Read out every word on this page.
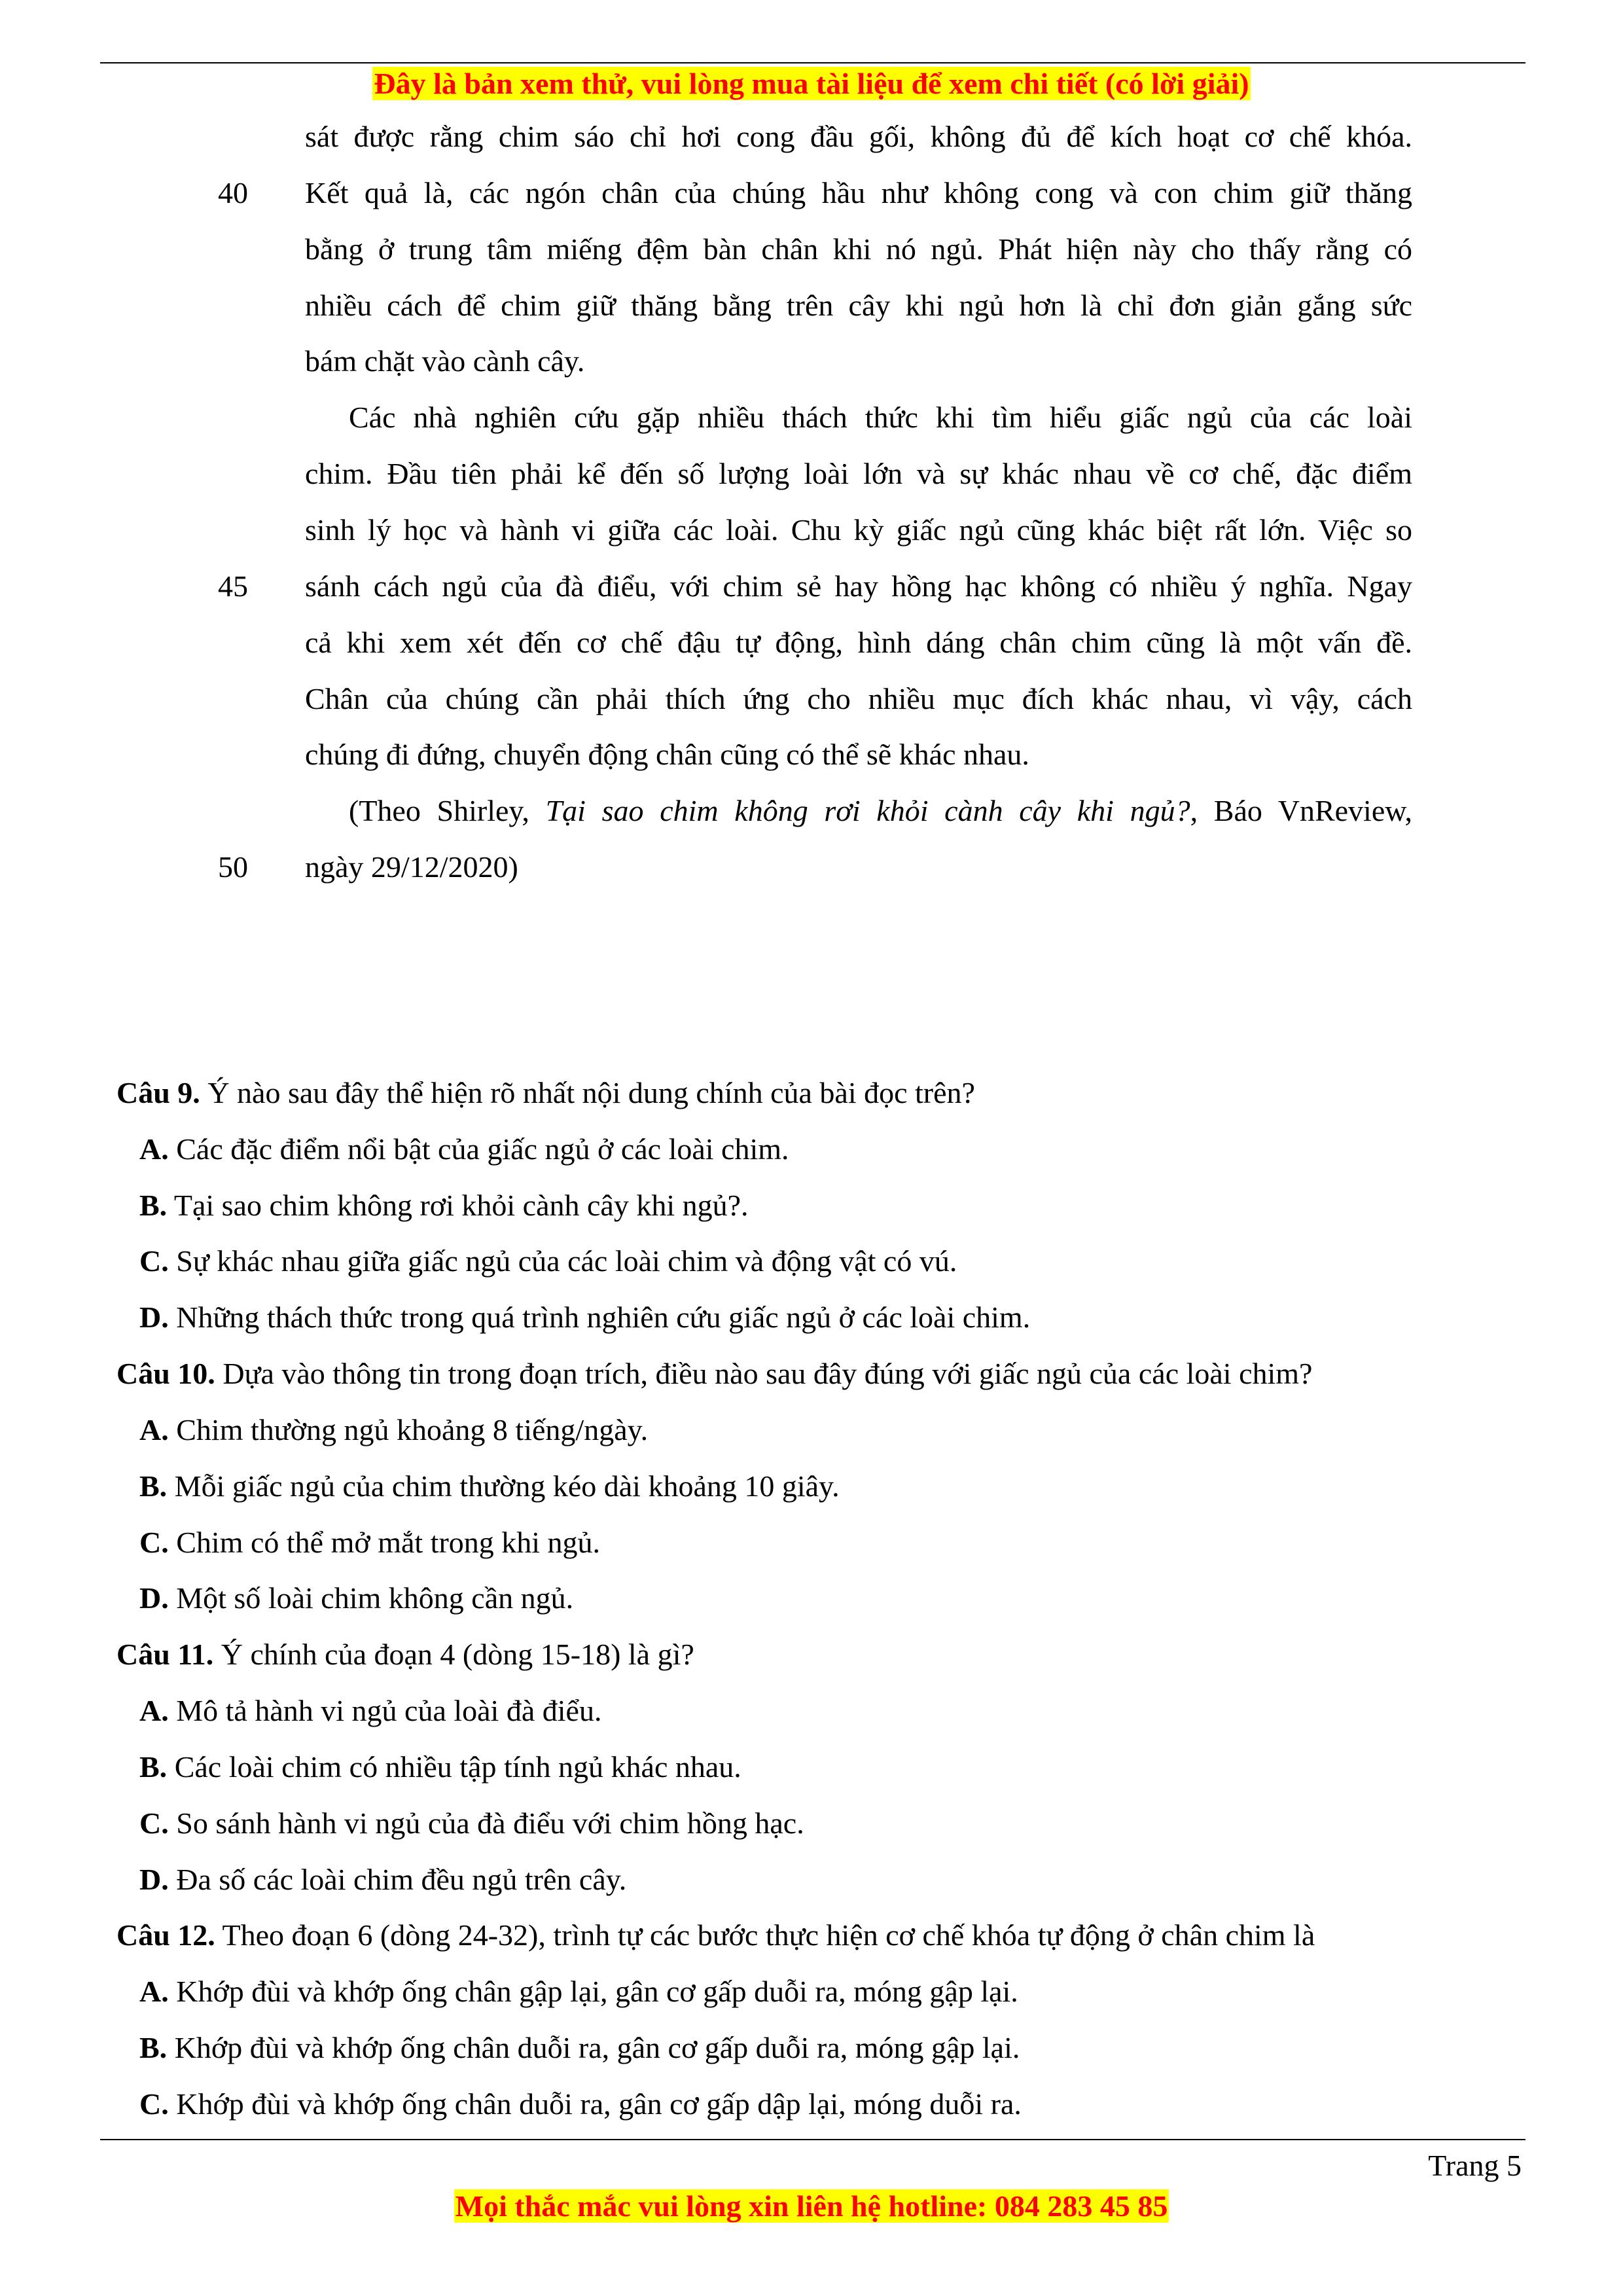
Đây là bản xem thử, vui lòng mua tài liệu để xem chi tiết (có lời giải)
sát được rằng chim sáo chỉ hơi cong đầu gối, không đủ để kích hoạt cơ chế khóa.
40	Kết quả là, các ngón chân của chúng hầu như không cong và con chim giữ thăng
bằng ở trung tâm miếng đệm bàn chân khi nó ngủ. Phát hiện này cho thấy rằng có
nhiều cách để chim giữ thăng bằng trên cây khi ngủ hơn là chỉ đơn giản gắng sức
bám chặt vào cành cây.
Các nhà nghiên cứu gặp nhiều thách thức khi tìm hiểu giấc ngủ của các loài
chim. Đầu tiên phải kể đến số lượng loài lớn và sự khác nhau về cơ chế, đặc điểm
sinh lý học và hành vi giữa các loài. Chu kỳ giấc ngủ cũng khác biệt rất lớn. Việc so
45	sánh cách ngủ của đà điểu, với chim sẻ hay hồng hạc không có nhiều ý nghĩa. Ngay
cả khi xem xét đến cơ chế đậu tự động, hình dáng chân chim cũng là một vấn đề.
Chân của chúng cần phải thích ứng cho nhiều mục đích khác nhau, vì vậy, cách
chúng đi đứng, chuyển động chân cũng có thể sẽ khác nhau.
(Theo Shirley, Tại sao chim không rơi khỏi cành cây khi ngủ?, Báo VnReview,
50	ngày 29/12/2020)
Câu 9. Ý nào sau đây thể hiện rõ nhất nội dung chính của bài đọc trên?
A. Các đặc điểm nổi bật của giấc ngủ ở các loài chim.
B. Tại sao chim không rơi khỏi cành cây khi ngủ?.
C. Sự khác nhau giữa giấc ngủ của các loài chim và động vật có vú.
D. Những thách thức trong quá trình nghiên cứu giấc ngủ ở các loài chim.
Câu 10. Dựa vào thông tin trong đoạn trích, điều nào sau đây đúng với giấc ngủ của các loài chim?
A. Chim thường ngủ khoảng 8 tiếng/ngày.
B. Mỗi giấc ngủ của chim thường kéo dài khoảng 10 giây.
C. Chim có thể mở mắt trong khi ngủ.
D. Một số loài chim không cần ngủ.
Câu 11. Ý chính của đoạn 4 (dòng 15-18) là gì?
A. Mô tả hành vi ngủ của loài đà điểu.
B. Các loài chim có nhiều tập tính ngủ khác nhau.
C. So sánh hành vi ngủ của đà điểu với chim hồng hạc.
D. Đa số các loài chim đều ngủ trên cây.
Câu 12. Theo đoạn 6 (dòng 24-32), trình tự các bước thực hiện cơ chế khóa tự động ở chân chim là
A. Khớp đùi và khớp ống chân gập lại, gân cơ gấp duỗi ra, móng gập lại.
B. Khớp đùi và khớp ống chân duỗi ra, gân cơ gấp duỗi ra, móng gập lại.
C. Khớp đùi và khớp ống chân duỗi ra, gân cơ gấp dập lại, móng duỗi ra.
Trang 5
Mọi thắc mắc vui lòng xin liên hệ hotline: 084 283 45 85
